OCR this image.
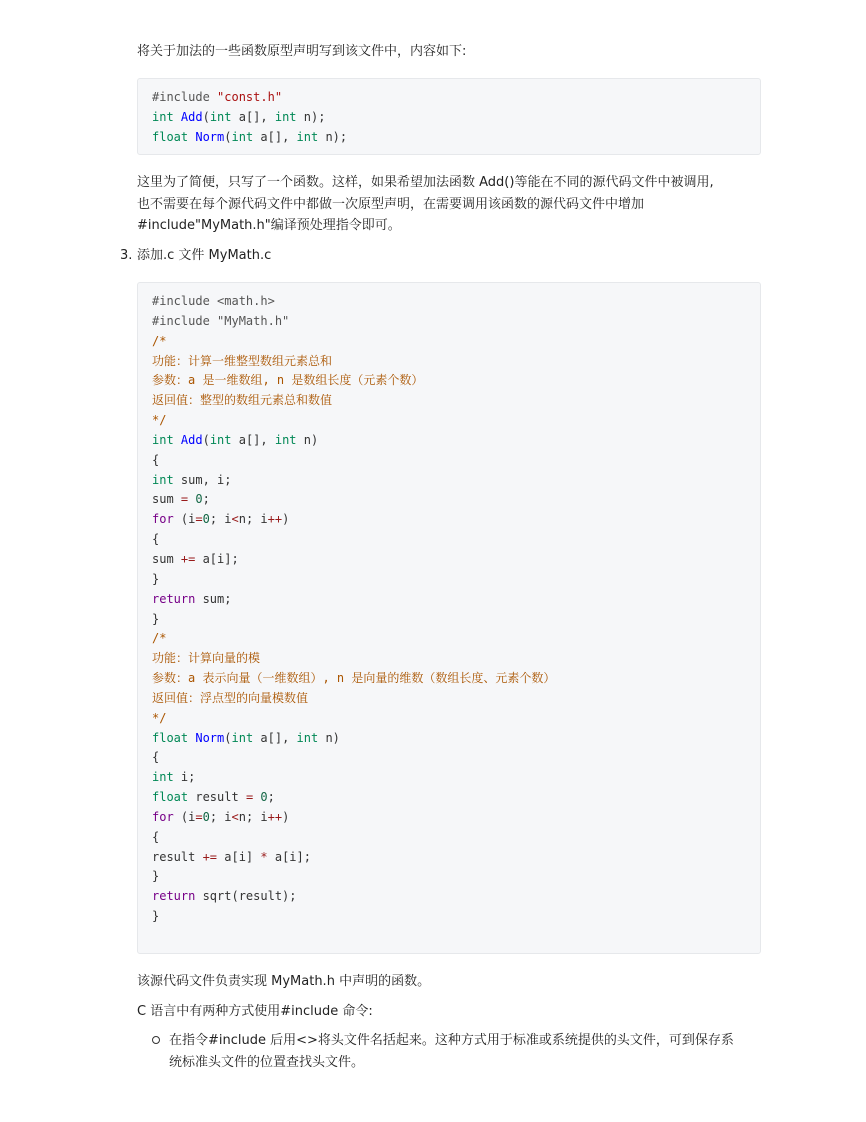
将关于加法的一些函数原型声明写到该文件中，内容如下:
#include "const.h"
int Add(int a[], int n);
float Norm(int a[], int n);
这里为了简便，只写了一个函数。这样，如果希望加法函数 Add()等能在不同的源代码文件中被调用,
也不需要在每个源代码文件中都做一次原型声明，在需要调用该函数的源代码文件中增加
#include"MyMath.h"编译预处理指令即可。
3. 添加.c 文件 MyMath.c
#include <math.h>
#include "MyMath.h"
/*
功能：计算一维整型数组元素总和
参数：a 是一维数组, n 是数组长度（元素个数）
返回值：整型的数组元素总和数值
*/
int Add(int a[], int n)
{
int sum, i;
sum = 0;
for (i=0; i<n; i++)
{
sum += a[i];
}
return sum;
}
/*
功能：计算向量的模
参数：a 表示向量（一维数组）, n 是向量的维数（数组长度、元素个数）
返回值：浮点型的向量模数值
*/
float Norm(int a[], int n)
{
int i;
float result = 0;
for (i=0; i<n; i++)
{
result += a[i] * a[i];
}
return sqrt(result);
}
该源代码文件负责实现 MyMath.h 中声明的函数。
C 语言中有两种方式使用#include 命令:
在指令#include 后用<>将头文件名括起来。这种方式用于标准或系统提供的头文件，可到保存系
统标准头文件的位置查找头文件。
